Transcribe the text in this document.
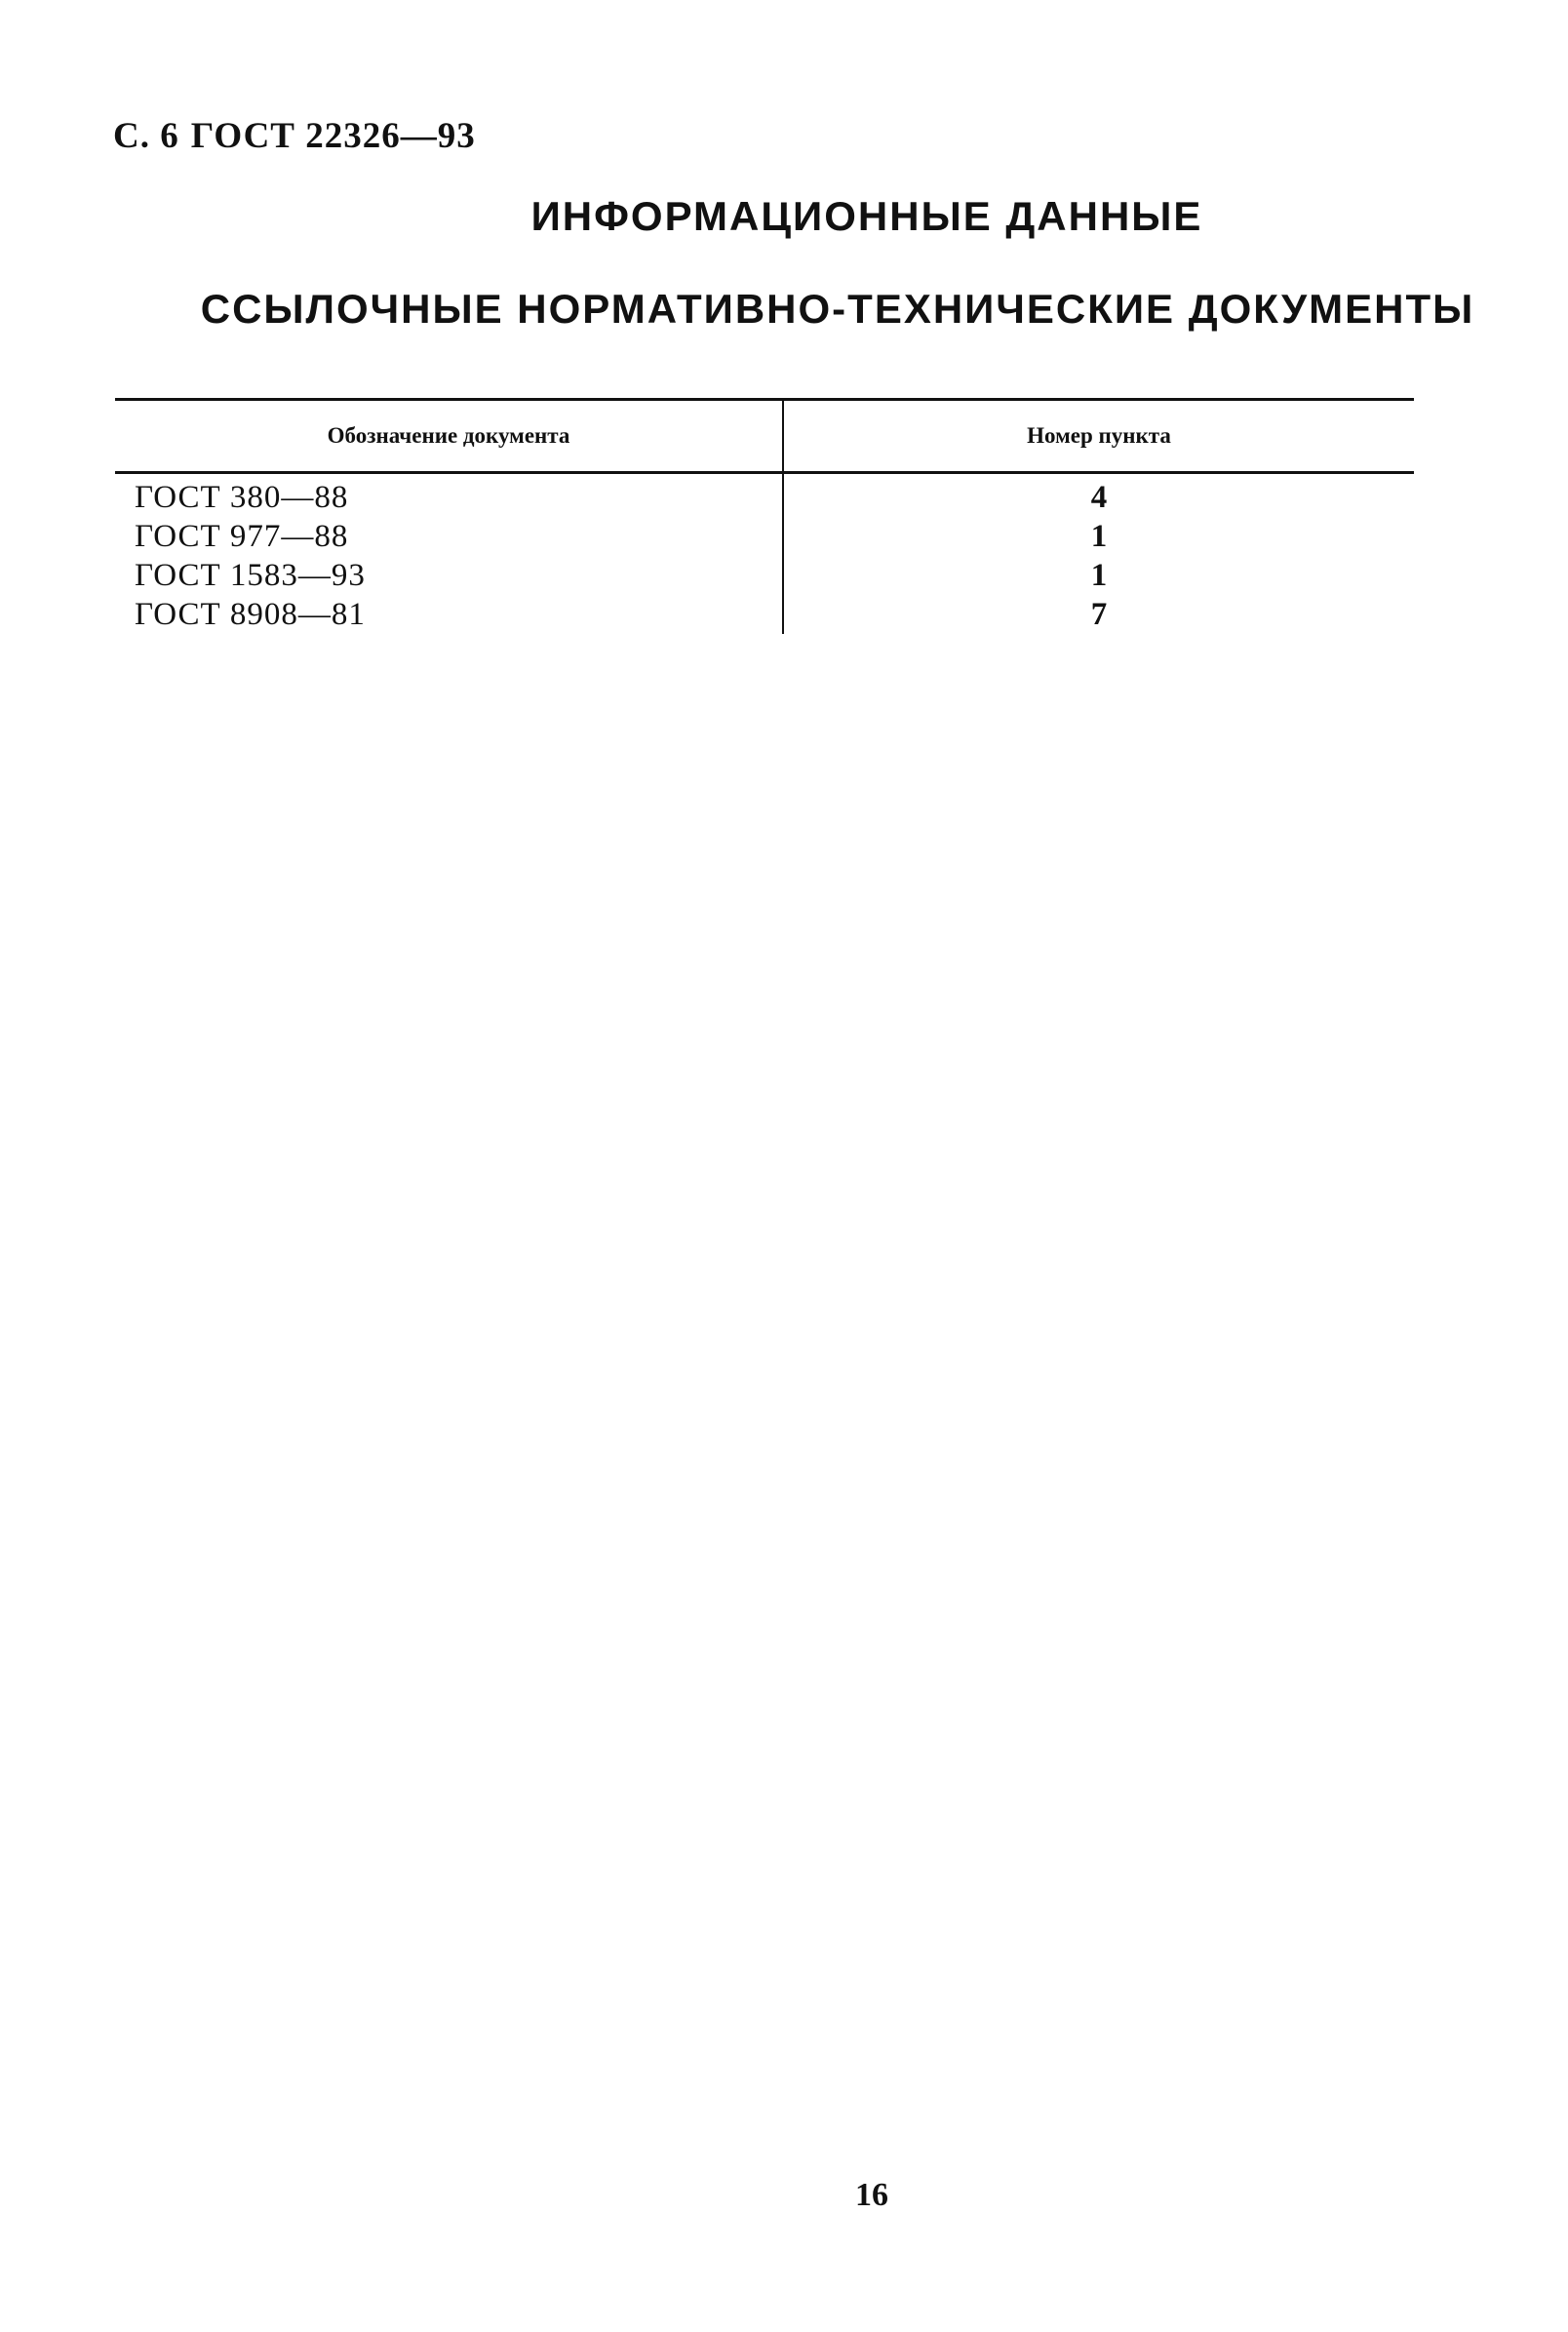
С. 6 ГОСТ 22326—93
ИНФОРМАЦИОННЫЕ ДАННЫЕ
ССЫЛОЧНЫЕ НОРМАТИВНО-ТЕХНИЧЕСКИЕ ДОКУМЕНТЫ
Обозначение документа	Номер пункта
ГОСТ 380—88	4
ГОСТ 977—88	1
ГОСТ 1583—93	1
ГОСТ 8908—81	7
16
